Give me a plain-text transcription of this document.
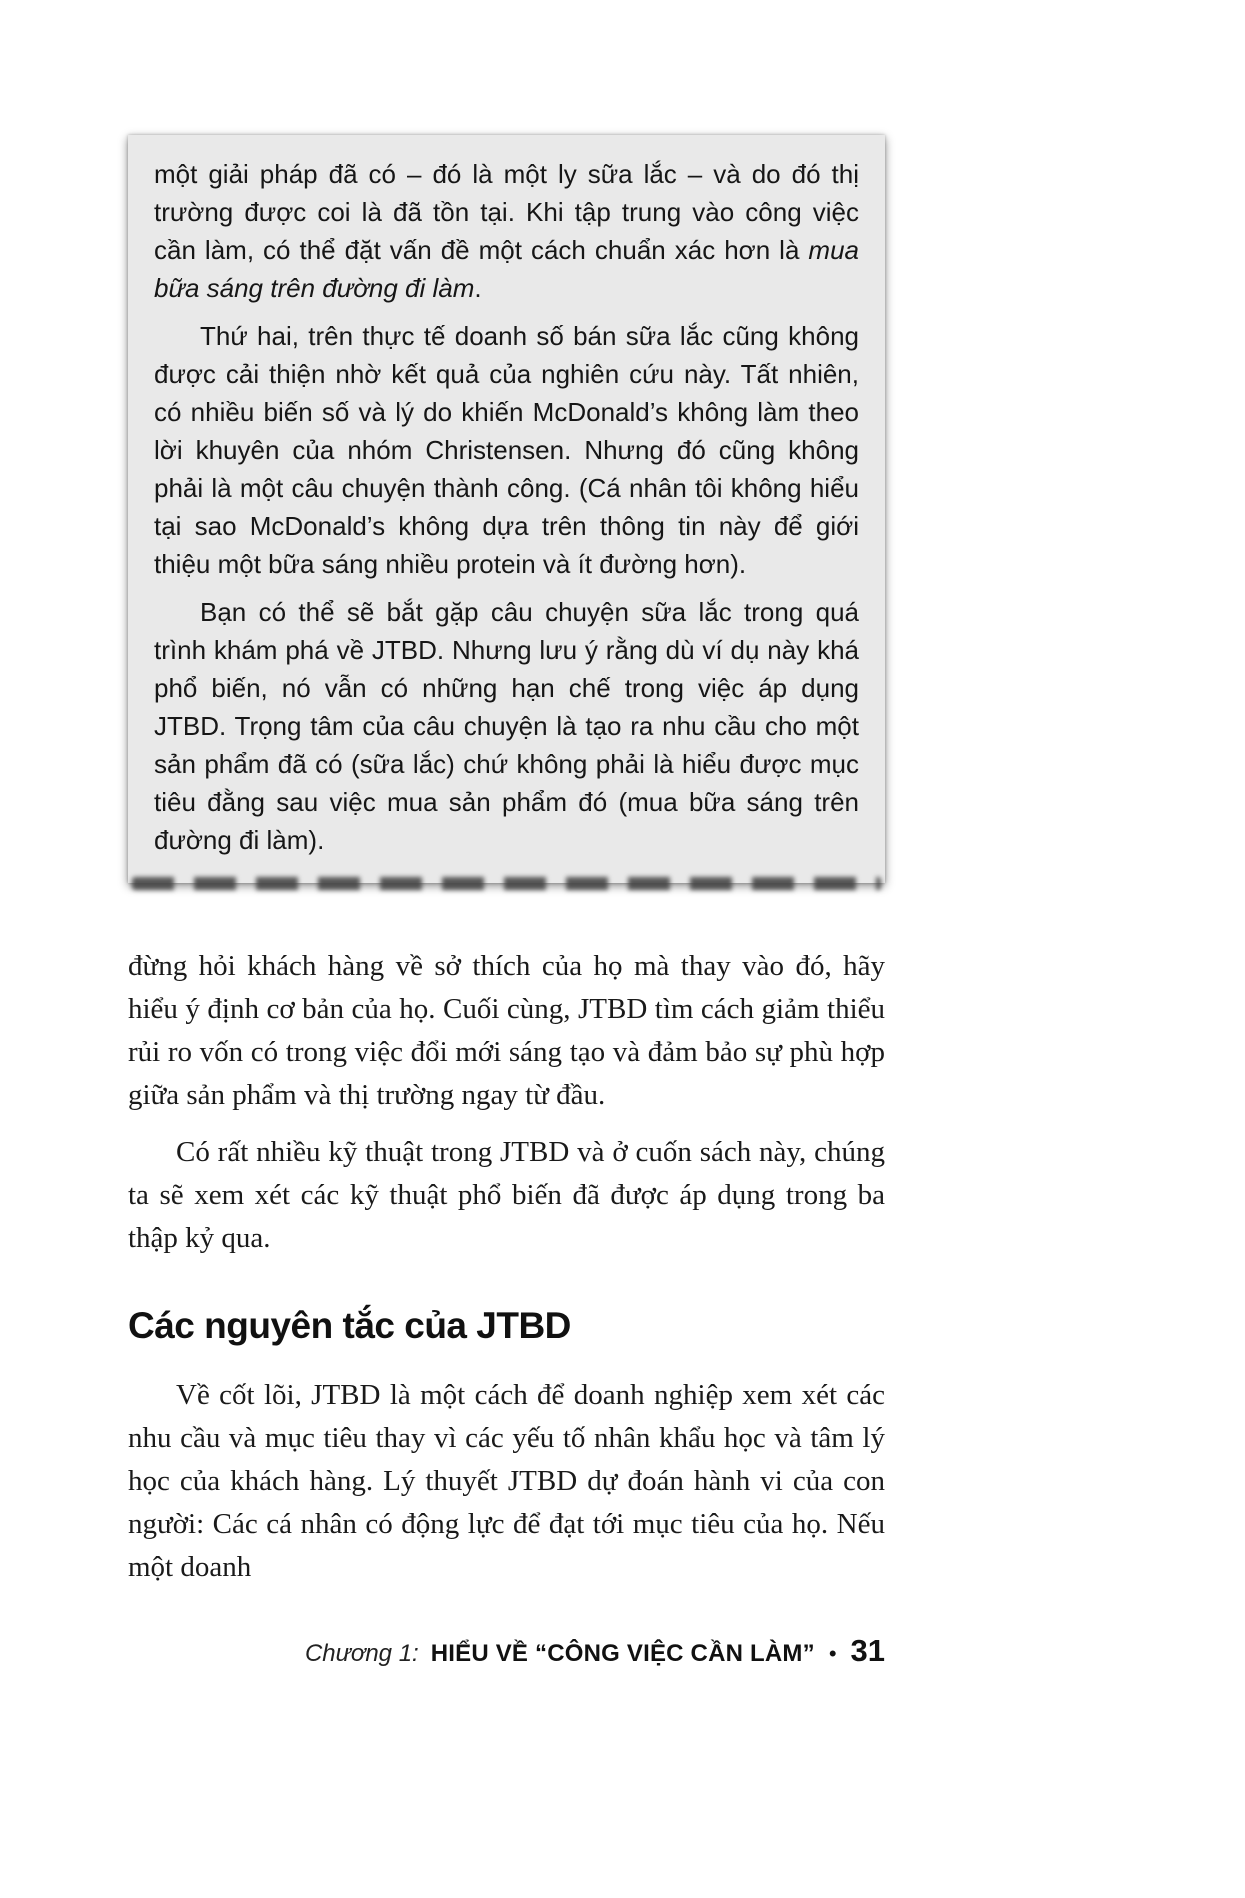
một giải pháp đã có – đó là một ly sữa lắc – và do đó thị trường được coi là đã tồn tại. Khi tập trung vào công việc cần làm, có thể đặt vấn đề một cách chuẩn xác hơn là mua bữa sáng trên đường đi làm.

Thứ hai, trên thực tế doanh số bán sữa lắc cũng không được cải thiện nhờ kết quả của nghiên cứu này. Tất nhiên, có nhiều biến số và lý do khiến McDonald’s không làm theo lời khuyên của nhóm Christensen. Nhưng đó cũng không phải là một câu chuyện thành công. (Cá nhân tôi không hiểu tại sao McDonald’s không dựa trên thông tin này để giới thiệu một bữa sáng nhiều protein và ít đường hơn).

Bạn có thể sẽ bắt gặp câu chuyện sữa lắc trong quá trình khám phá về JTBD. Nhưng lưu ý rằng dù ví dụ này khá phổ biến, nó vẫn có những hạn chế trong việc áp dụng JTBD. Trọng tâm của câu chuyện là tạo ra nhu cầu cho một sản phẩm đã có (sữa lắc) chứ không phải là hiểu được mục tiêu đằng sau việc mua sản phẩm đó (mua bữa sáng trên đường đi làm).

đừng hỏi khách hàng về sở thích của họ mà thay vào đó, hãy hiểu ý định cơ bản của họ. Cuối cùng, JTBD tìm cách giảm thiểu rủi ro vốn có trong việc đổi mới sáng tạo và đảm bảo sự phù hợp giữa sản phẩm và thị trường ngay từ đầu.

Có rất nhiều kỹ thuật trong JTBD và ở cuốn sách này, chúng ta sẽ xem xét các kỹ thuật phổ biến đã được áp dụng trong ba thập kỷ qua.

Các nguyên tắc của JTBD

Về cốt lõi, JTBD là một cách để doanh nghiệp xem xét các nhu cầu và mục tiêu thay vì các yếu tố nhân khẩu học và tâm lý học của khách hàng. Lý thuyết JTBD dự đoán hành vi của con người: Các cá nhân có động lực để đạt tới mục tiêu của họ. Nếu một doanh

Chương 1: HIỂU VỀ “CÔNG VIỆC CẦN LÀM” • 31
